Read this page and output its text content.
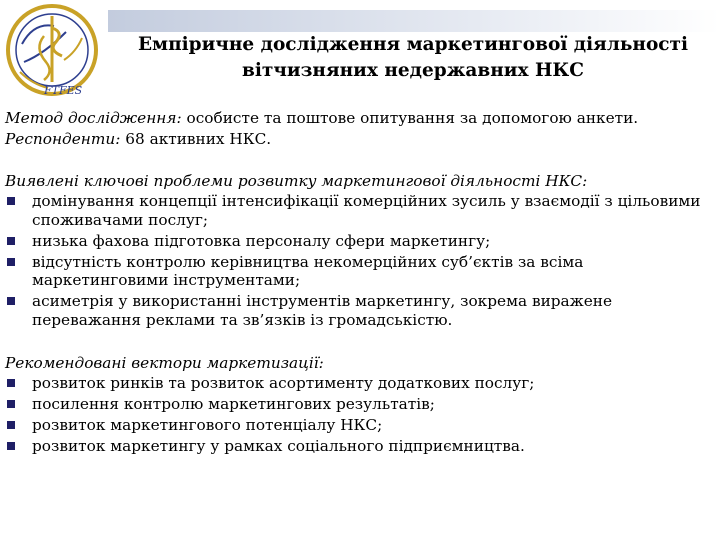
FTFES
Емпіричне дослідження маркетингової діяльності
вітчизняних недержавних НКС

Метод дослідження: особисте та поштове опитування за допомогою анкети.

Респонденти: 68 активних НКС.

Виявлені ключові проблеми розвитку маркетингової діяльності НКС:

домінування концепції інтенсифікації комерційних зусиль у взаємодії з цільовими споживачами послуг;
низька фахова підготовка персоналу сфери маркетингу;
відсутність контролю керівництва некомерційних суб’єктів за всіма маркетинговими інструментами;
асиметрія у використанні інструментів маркетингу, зокрема виражене переважання реклами та зв’язків із громадськістю.

Рекомендовані вектори маркетизації:

розвиток ринків та розвиток асортименту додаткових послуг;
посилення контролю маркетингових результатів;
розвиток маркетингового потенціалу НКС;
розвиток маркетингу у рамках соціального підприємництва.
